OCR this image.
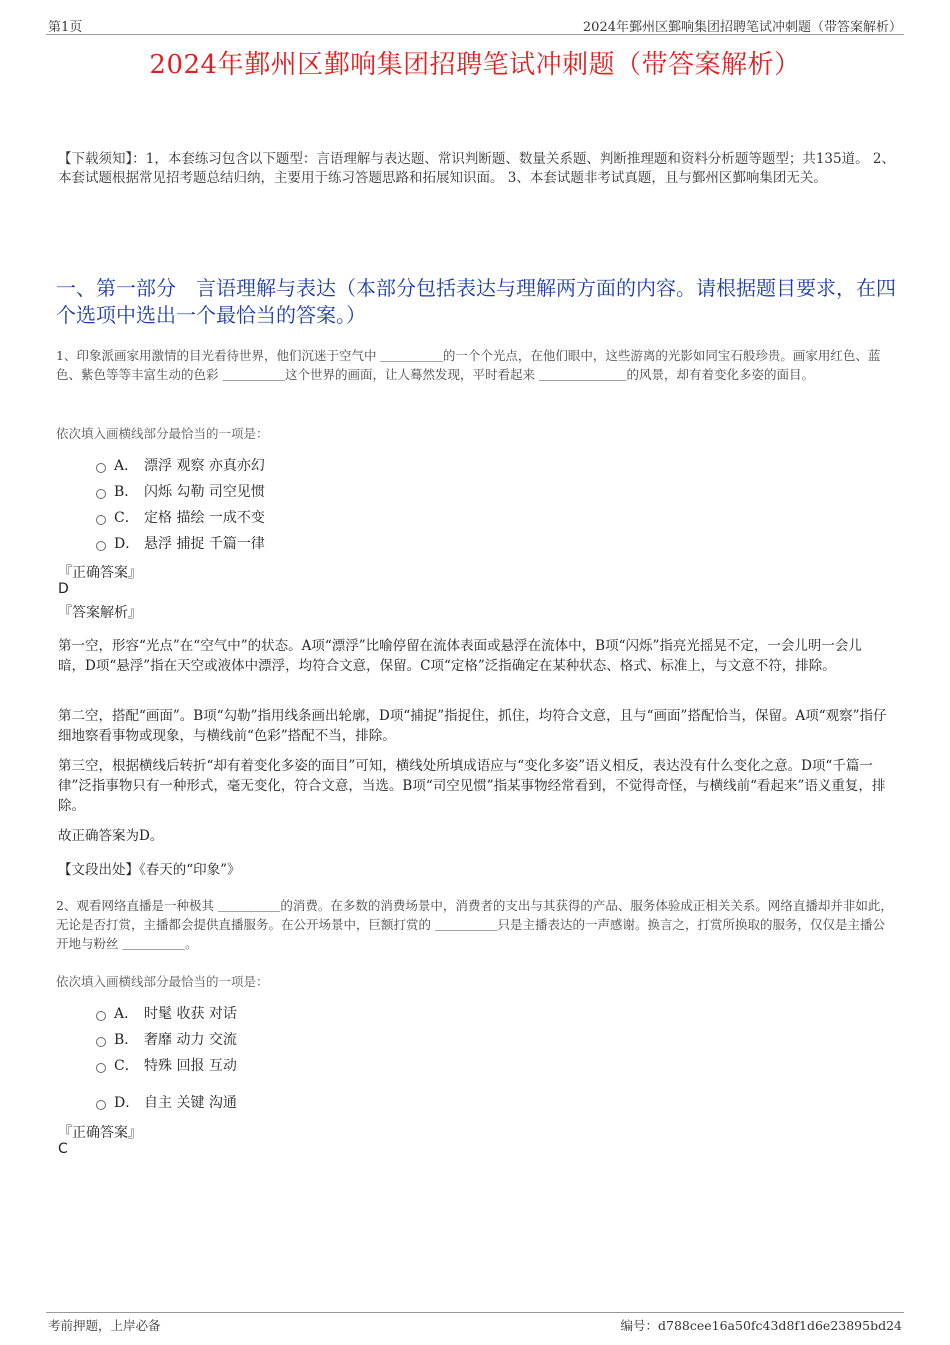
第1页	2024年鄞州区鄞响集团招聘笔试冲刺题（带答案解析）
2024年鄞州区鄞响集团招聘笔试冲刺题（带答案解析）
【下载须知】：1，本套练习包含以下题型：言语理解与表达题、常识判断题、数量关系题、判断推理题和资料分析题等题型；共135道。 2、本套试题根据常见招考题总结归纳，主要用于练习答题思路和拓展知识面。 3、本套试题非考试真题，且与鄞州区鄞响集团无关。
一、第一部分　言语理解与表达（本部分包括表达与理解两方面的内容。请根据题目要求，在四个选项中选出一个最恰当的答案。）
1、印象派画家用激情的目光看待世界，他们沉迷于空气中 ＿＿＿＿＿的一个个光点，在他们眼中，这些游离的光影如同宝石般珍贵。画家用红色、蓝色、紫色等等丰富生动的色彩 ＿＿＿＿＿这个世界的画面，让人蓦然发现，平时看起来 ＿＿＿＿＿＿＿的风景，却有着变化多姿的面目。
依次填入画横线部分最恰当的一项是：
A． 漂浮 观察 亦真亦幻
B． 闪烁 勾勒 司空见惯
C． 定格 描绘 一成不变
D． 悬浮 捕捉 千篇一律
『正确答案』
D
『答案解析』
第一空，形容“光点”在“空气中”的状态。A项“漂浮”比喻停留在流体表面或悬浮在流体中，B项“闪烁”指亮光摇晃不定，一会儿明一会儿暗，D项“悬浮”指在天空或液体中漂浮，均符合文意，保留。C项“定格”泛指确定在某种状态、格式、标准上，与文意不符，排除。
第二空，搭配“画面”。B项“勾勒”指用线条画出轮廓，D项“捕捉”指捉住，抓住，均符合文意，且与“画面”搭配恰当，保留。A项“观察”指仔细地察看事物或现象，与横线前“色彩”搭配不当，排除。
第三空，根据横线后转折“却有着变化多姿的面目”可知，横线处所填成语应与“变化多姿”语义相反，表达没有什么变化之意。D项“千篇一律”泛指事物只有一种形式，毫无变化，符合文意，当选。B项“司空见惯”指某事物经常看到，不觉得奇怪，与横线前“看起来”语义重复，排除。
故正确答案为D。
【文段出处】《春天的“印象”》
2、观看网络直播是一种极其 ＿＿＿＿＿的消费。在多数的消费场景中，消费者的支出与其获得的产品、服务体验成正相关关系。网络直播却并非如此，无论是否打赏，主播都会提供直播服务。在公开场景中，巨额打赏的 ＿＿＿＿＿只是主播表达的一声感谢。换言之，打赏所换取的服务，仅仅是主播公开地与粉丝 ＿＿＿＿＿。
依次填入画横线部分最恰当的一项是：
A． 时髦 收获 对话
B． 奢靡 动力 交流
C． 特殊 回报 互动
D． 自主 关键 沟通
『正确答案』
C
考前押题，上岸必备	编号：d788cee16a50fc43d8f1d6e23895bd24
